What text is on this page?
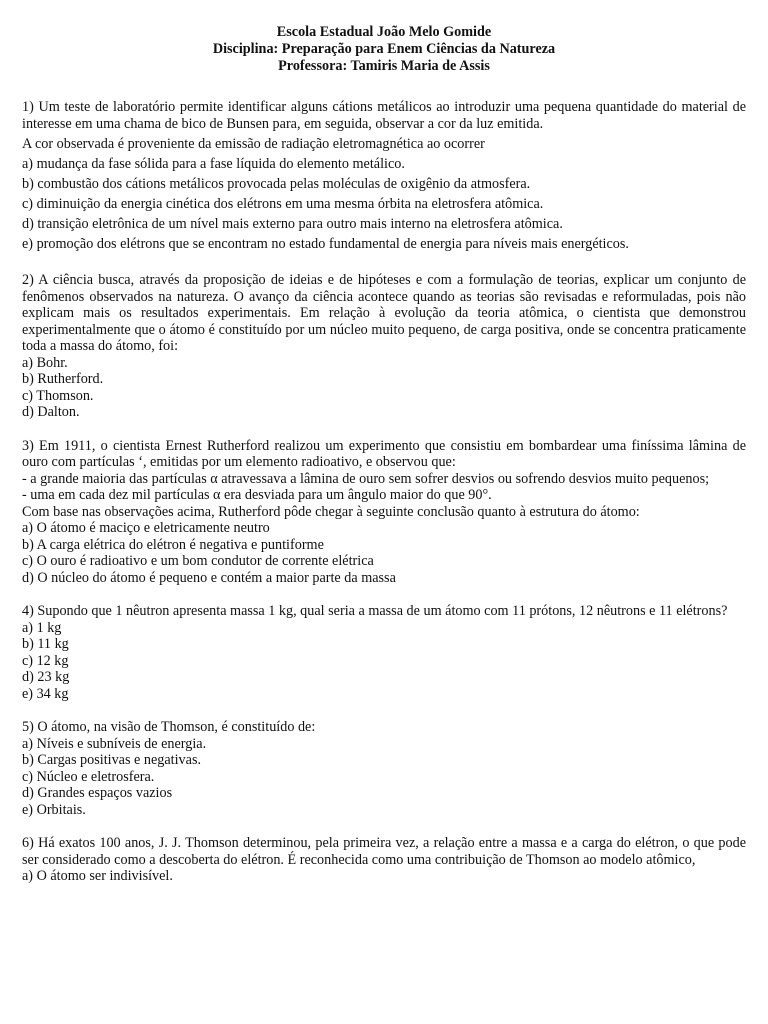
Escola Estadual João Melo Gomide
Disciplina: Preparação para Enem Ciências da Natureza
Professora: Tamiris Maria de Assis

1) Um teste de laboratório permite identificar alguns cátions metálicos ao introduzir uma pequena quantidade do material de interesse em uma chama de bico de Bunsen para, em seguida, observar a cor da luz emitida.

A cor observada é proveniente da emissão de radiação eletromagnética ao ocorrer

a) mudança da fase sólida para a fase líquida do elemento metálico.

b) combustão dos cátions metálicos provocada pelas moléculas de oxigênio da atmosfera.

c) diminuição da energia cinética dos elétrons em uma mesma órbita na eletrosfera atômica.

d) transição eletrônica de um nível mais externo para outro mais interno na eletrosfera atômica.

e) promoção dos elétrons que se encontram no estado fundamental de energia para níveis mais energéticos.

2) A ciência busca, através da proposição de ideias e de hipóteses e com a formulação de teorias, explicar um conjunto de fenômenos observados na natureza. O avanço da ciência acontece quando as teorias são revisadas e reformuladas, pois não explicam mais os resultados experimentais. Em relação à evolução da teoria atômica, o cientista que demonstrou experimentalmente que o átomo é constituído por um núcleo muito pequeno, de carga positiva, onde se concentra praticamente toda a massa do átomo, foi:

a) Bohr.

b) Rutherford.

c) Thomson.

d) Dalton.

3) Em 1911, o cientista Ernest Rutherford realizou um experimento que consistiu em bombardear uma finíssima lâmina de ouro com partículas ‘, emitidas por um elemento radioativo, e observou que:

- a grande maioria das partículas α atravessava a lâmina de ouro sem sofrer desvios ou sofrendo desvios muito pequenos;

- uma em cada dez mil partículas α era desviada para um ângulo maior do que 90°.

Com base nas observações acima, Rutherford pôde chegar à seguinte conclusão quanto à estrutura do átomo:

a) O átomo é maciço e eletricamente neutro

b) A carga elétrica do elétron é negativa e puntiforme

c) O ouro é radioativo e um bom condutor de corrente elétrica

d) O núcleo do átomo é pequeno e contém a maior parte da massa

4) Supondo que 1 nêutron apresenta massa 1 kg, qual seria a massa de um átomo com 11 prótons, 12 nêutrons e 11 elétrons?

a) 1 kg

b) 11 kg

c) 12 kg

d) 23 kg

e) 34 kg

5) O átomo, na visão de Thomson, é constituído de:

a) Níveis e subníveis de energia.

b) Cargas positivas e negativas.

c) Núcleo e eletrosfera.

d) Grandes espaços vazios

e) Orbitais.

6) Há exatos 100 anos, J. J. Thomson determinou, pela primeira vez, a relação entre a massa e a carga do elétron, o que pode ser considerado como a descoberta do elétron. É reconhecida como uma contribuição de Thomson ao modelo atômico,

a) O átomo ser indivisível.
